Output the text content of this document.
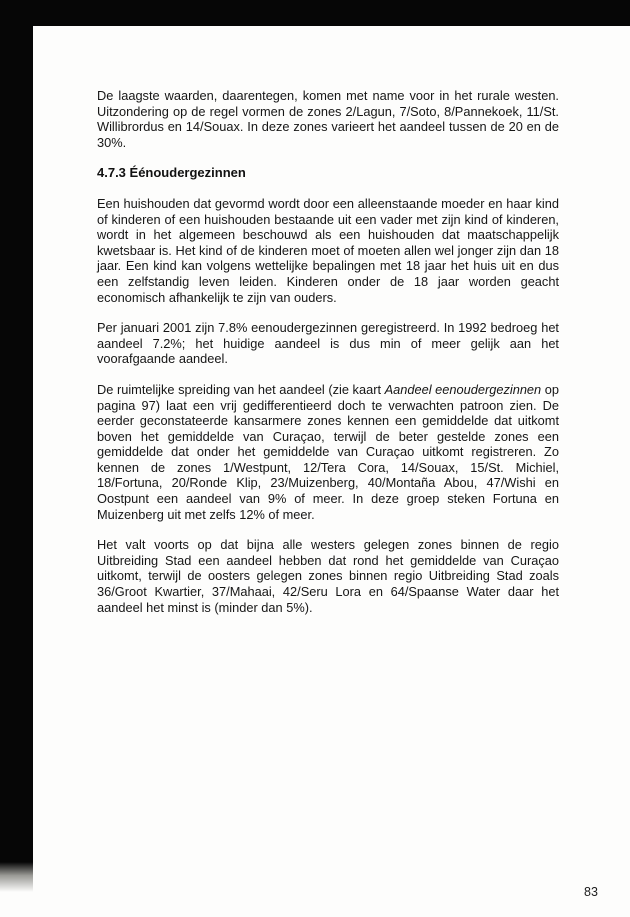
De laagste waarden, daarentegen, komen met name voor in het rurale westen. Uitzondering op de regel vormen de zones 2/Lagun, 7/Soto, 8/Pannekoek, 11/St. Willibrordus en 14/Souax. In deze zones varieert het aandeel tussen de 20 en de 30%.

4.7.3 Éénoudergezinnen

Een huishouden dat gevormd wordt door een alleenstaande moeder en haar kind of kinderen of een huishouden bestaande uit een vader met zijn kind of kinderen, wordt in het algemeen beschouwd als een huishouden dat maatschappelijk kwetsbaar is. Het kind of de kinderen moet of moeten allen wel jonger zijn dan 18 jaar. Een kind kan volgens wettelijke bepalingen met 18 jaar het huis uit en dus een zelfstandig leven leiden. Kinderen onder de 18 jaar worden geacht economisch afhankelijk te zijn van ouders.

Per januari 2001 zijn 7.8% eenoudergezinnen geregistreerd. In 1992 bedroeg het aandeel 7.2%; het huidige aandeel is dus min of meer gelijk aan het voorafgaande aandeel.

De ruimtelijke spreiding van het aandeel (zie kaart Aandeel eenoudergezinnen op pagina 97) laat een vrij gedifferentieerd doch te verwachten patroon zien. De eerder geconstateerde kansarmere zones kennen een gemiddelde dat uitkomt boven het gemiddelde van Curaçao, terwijl de beter gestelde zones een gemiddelde dat onder het gemiddelde van Curaçao uitkomt registreren. Zo kennen de zones 1/Westpunt, 12/Tera Cora, 14/Souax, 15/St. Michiel, 18/Fortuna, 20/Ronde Klip, 23/Muizenberg, 40/Montaña Abou, 47/Wishi en Oostpunt een aandeel van 9% of meer. In deze groep steken Fortuna en Muizenberg uit met zelfs 12% of meer.

Het valt voorts op dat bijna alle westers gelegen zones binnen de regio Uitbreiding Stad een aandeel hebben dat rond het gemiddelde van Curaçao uitkomt, terwijl de oosters gelegen zones binnen regio Uitbreiding Stad zoals 36/Groot Kwartier, 37/Mahaai, 42/Seru Lora en 64/Spaanse Water daar het aandeel het minst is (minder dan 5%).

83
